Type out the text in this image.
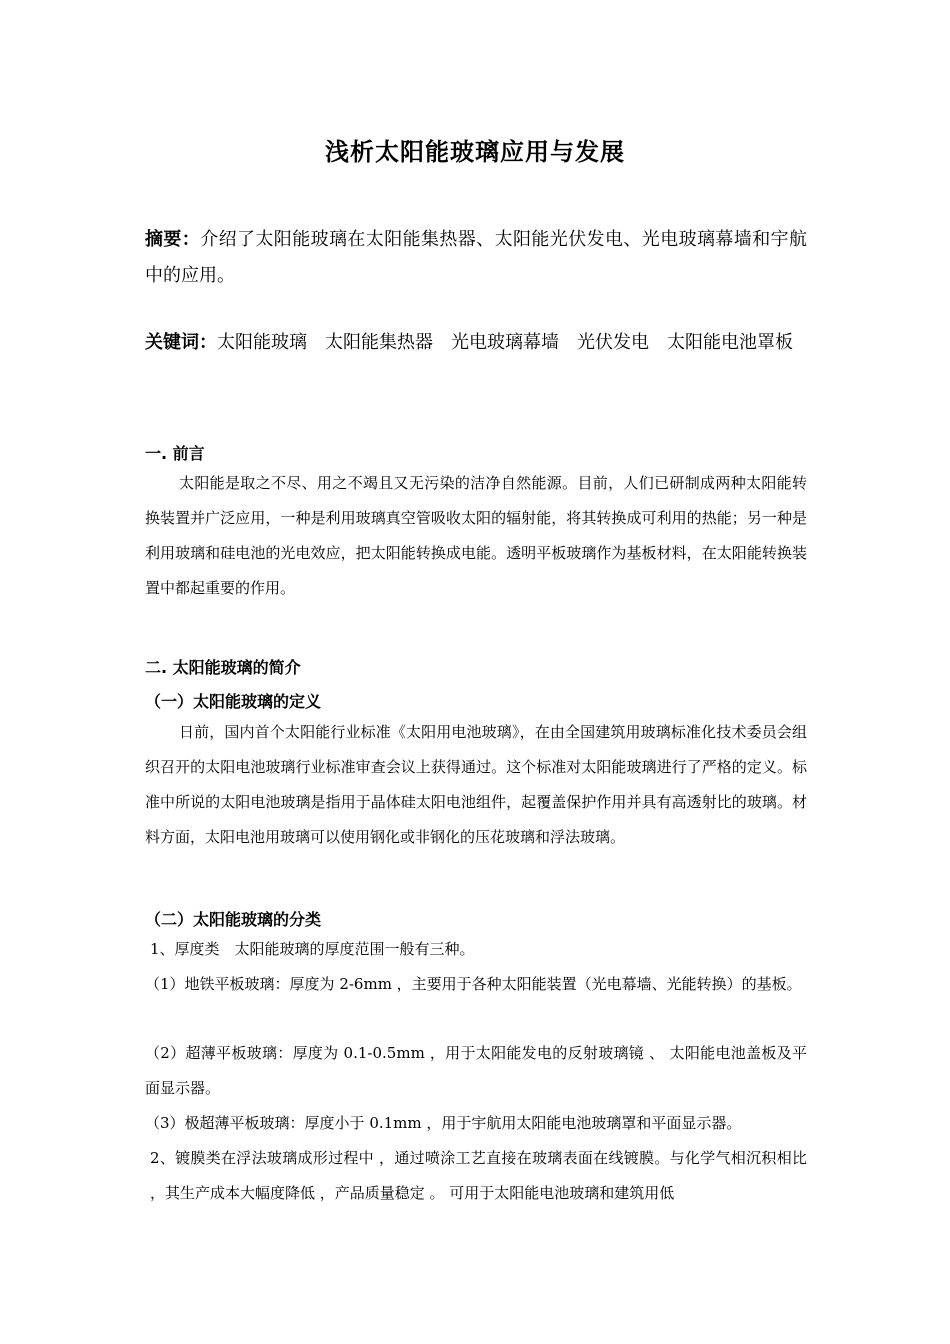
浅析太阳能玻璃应用与发展
摘要：介绍了太阳能玻璃在太阳能集热器、太阳能光伏发电、光电玻璃幕墙和宇航中的应用。
关键词：太阳能玻璃 太阳能集热器 光电玻璃幕墙 光伏发电 太阳能电池罩板
一. 前言
太阳能是取之不尽、用之不竭且又无污染的洁净自然能源。目前，人们已研制成两种太阳能转换装置并广泛应用，一种是利用玻璃真空管吸收太阳的辐射能，将其转换成可利用的热能；另一种是利用玻璃和硅电池的光电效应，把太阳能转换成电能。透明平板玻璃作为基板材料，在太阳能转换装置中都起重要的作用。
二. 太阳能玻璃的简介
（一）太阳能玻璃的定义
日前，国内首个太阳能行业标准《太阳用电池玻璃》，在由全国建筑用玻璃标准化技术委员会组织召开的太阳电池玻璃行业标准审查会议上获得通过。这个标准对太阳能玻璃进行了严格的定义。标准中所说的太阳电池玻璃是指用于晶体硅太阳电池组件，起覆盖保护作用并具有高透射比的玻璃。材料方面，太阳电池用玻璃可以使用钢化或非钢化的压花玻璃和浮法玻璃。
（二）太阳能玻璃的分类
1、厚度类　太阳能玻璃的厚度范围一般有三种。
（1）地铁平板玻璃：厚度为 2-6mm ，主要用于各种太阳能装置（光电幕墙、光能转换）的基板。
（2）超薄平板玻璃：厚度为 0.1-0.5mm ，用于太阳能发电的反射玻璃镜 、 太阳能电池盖板及平面显示器。
（3）极超薄平板玻璃：厚度小于 0.1mm ，用于宇航用太阳能电池玻璃罩和平面显示器。
2、镀膜类在浮法玻璃成形过程中 ，通过喷涂工艺直接在玻璃表面在线镀膜。与化学气相沉积相比 ，其生产成本大幅度降低 ，产品质量稳定 。 可用于太阳能电池玻璃和建筑用低
